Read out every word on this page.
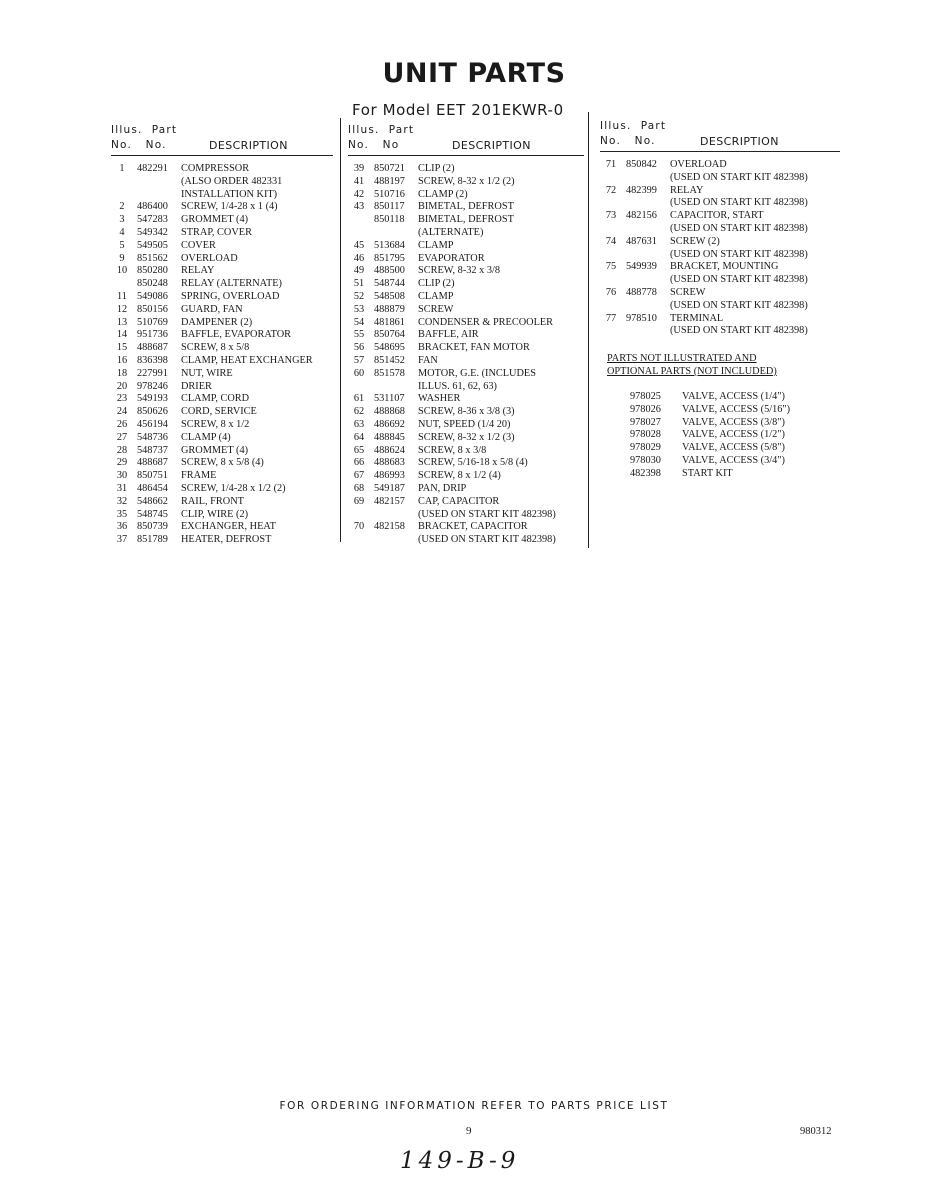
UNIT PARTS
For Model EET 201EKWR-0
Illus. Part
No. No.	DESCRIPTION
1	482291	COMPRESSOR
(ALSO ORDER 482331
INSTALLATION KIT)
2	486400	SCREW, 1/4-28 x 1 (4)
3	547283	GROMMET (4)
4	549342	STRAP, COVER
5	549505	COVER
9	851562	OVERLOAD
10 850280	RELAY
850248	RELAY (ALTERNATE)
11 549086	SPRING, OVERLOAD
12 850156	GUARD, FAN
13 510769	DAMPENER (2)
14 951736	BAFFLE, EVAPORATOR
15 488687	SCREW, 8 x 5/8
16 836398	CLAMP, HEAT EXCHANGER
18 227991	NUT, WIRE
20 978246	DRIER
23 549193	CLAMP, CORD
24 850626	CORD, SERVICE
26 456194	SCREW, 8 x 1/2
27 548736	CLAMP (4)
28 548737	GROMMET (4)
29 488687	SCREW, 8 x 5/8 (4)
30 850751	FRAME
31 486454	SCREW, 1/4-28 x 1/2 (2)
32 548662	RAIL, FRONT
35 548745	CLIP, WIRE (2)
36 850739	EXCHANGER, HEAT
37 851789	HEATER, DEFROST
Illus. Part
No. No	DESCRIPTION
39 850721	CLIP (2)
41 488197	SCREW, 8-32 x 1/2 (2)
42 510716	CLAMP (2)
43 850117	BIMETAL, DEFROST
850118	BIMETAL, DEFROST
(ALTERNATE)
45 513684	CLAMP
46 851795	EVAPORATOR
49 488500	SCREW, 8-32 x 3/8
51 548744	CLIP (2)
52 548508	CLAMP
53 488879	SCREW
54 481861	CONDENSER & PRECOOLER
55 850764	BAFFLE, AIR
56 548695	BRACKET, FAN MOTOR
57 851452	FAN
60 851578	MOTOR, G.E. (INCLUDES
ILLUS. 61, 62, 63)
61 531107	WASHER
62 488868	SCREW, 8-36 x 3/8 (3)
63 486692	NUT, SPEED (1/4 20)
64 488845	SCREW, 8-32 x 1/2 (3)
65 488624	SCREW, 8 x 3/8
66 488683	SCREW, 5/16-18 x 5/8 (4)
67 486993	SCREW, 8 x 1/2 (4)
68 549187	PAN, DRIP
69 482157	CAP, CAPACITOR
(USED ON START KIT 482398)
70 482158	BRACKET, CAPACITOR
(USED ON START KIT 482398)
Illus. Part
No. No.	DESCRIPTION
71 850842	OVERLOAD
(USED ON START KIT 482398)
72 482399	RELAY
(USED ON START KIT 482398)
73 482156	CAPACITOR, START
(USED ON START KIT 482398)
74 487631	SCREW (2)
(USED ON START KIT 482398)
75 549939	BRACKET, MOUNTING
(USED ON START KIT 482398)
76 488778	SCREW
(USED ON START KIT 482398)
77 978510	TERMINAL
(USED ON START KIT 482398)
PARTS NOT ILLUSTRATED AND
OPTIONAL PARTS (NOT INCLUDED)
978025	VALVE, ACCESS (1/4")
978026	VALVE, ACCESS (5/16")
978027	VALVE, ACCESS (3/8")
978028	VALVE, ACCESS (1/2")
978029	VALVE, ACCESS (5/8")
978030	VALVE, ACCESS (3/4")
482398	START KIT
FOR ORDERING INFORMATION REFER TO PARTS PRICE LIST
9	980312
149-B-9
